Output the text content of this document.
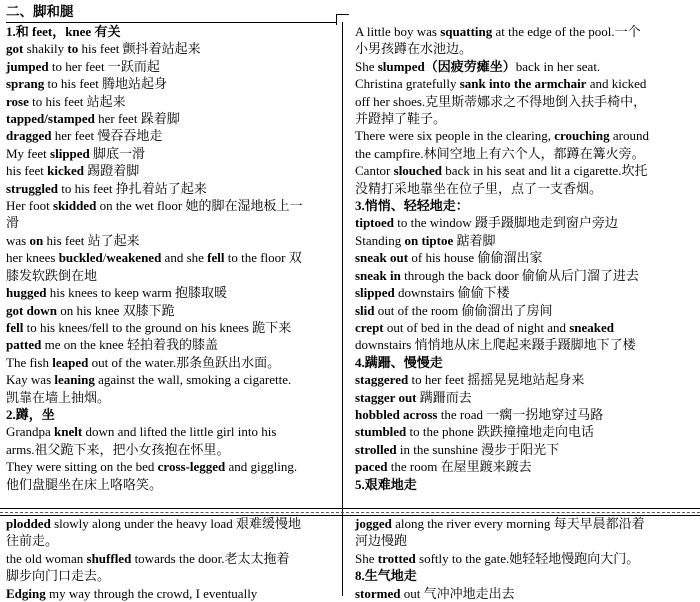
二、脚和腿
1.和 feet，knee 有关
got shakily to his feet 颤抖着站起来
jumped to her feet 一跃而起
sprang to his feet 腾地站起身
rose to his feet 站起来
tapped/stamped her feet 跺着脚
dragged her feet 慢吞吞地走
My feet slipped 脚底一滑
his feet kicked 踢蹬着脚
struggled to his feet 挣扎着站了起来
Her foot skidded on the wet floor 她的脚在湿地板上一
滑
was on his feet 站了起来
her knees buckled/weakened and she fell to the floor 双
膝发软跌倒在地
hugged his knees to keep warm 抱膝取暖
got down on his knee 双膝下跪
fell to his knees/fell to the ground on his knees 跪下来
patted me on the knee 轻拍着我的膝盖
The fish leaped out of the water.那条鱼跃出水面。
Kay was leaning against the wall, smoking a cigarette.
凯靠在墙上抽烟。
2.蹲，坐
Grandpa knelt down and lifted the little girl into his
arms.祖父跪下来，把小女孩抱在怀里。
They were sitting on the bed cross-legged and giggling.
他们盘腿坐在床上咯咯笑。
A little boy was squatting at the edge of the pool.一个
小男孩蹲在水池边。
She slumped（因疲劳瘫坐）back in her seat.
Christina gratefully sank into the armchair and kicked
off her shoes.克里斯蒂娜求之不得地倒入扶手椅中，
并蹬掉了鞋子。
There were six people in the clearing, crouching around
the campfire.林间空地上有六个人，都蹲在篝火旁。
Cantor slouched back in his seat and lit a cigarette.坎托
没精打采地靠坐在位子里，点了一支香烟。
3.悄悄、轻轻地走：
tiptoed to the window 蹑手蹑脚地走到窗户旁边
Standing on tiptoe 踮着脚
sneak out of his house 偷偷溜出家
sneak in through the back door 偷偷从后门溜了进去
slipped downstairs 偷偷下楼
slid out of the room 偷偷溜出了房间
crept out of bed in the dead of night and sneaked
downstairs 悄悄地从床上爬起来蹑手蹑脚地下了楼
4.蹒跚、慢慢走
staggered to her feet 摇摇晃晃地站起身来
stagger out 蹒跚而去
hobbled across the road 一瘸一拐地穿过马路
stumbled to the phone 跌跌撞撞地走向电话
strolled in the sunshine 漫步于阳光下
paced the room 在屋里踱来踱去
5.艰难地走
plodded slowly along under the heavy load 艰难缓慢地
往前走。
the old woman shuffled towards the door.老太太拖着
脚步向门口走去。
Edging my way through the crowd, I eventually
jogged along the river every morning 每天早晨都沿着
河边慢跑
She trotted softly to the gate.她轻轻地慢跑向大门。
8.生气地走
stormed out 气冲冲地走出去
